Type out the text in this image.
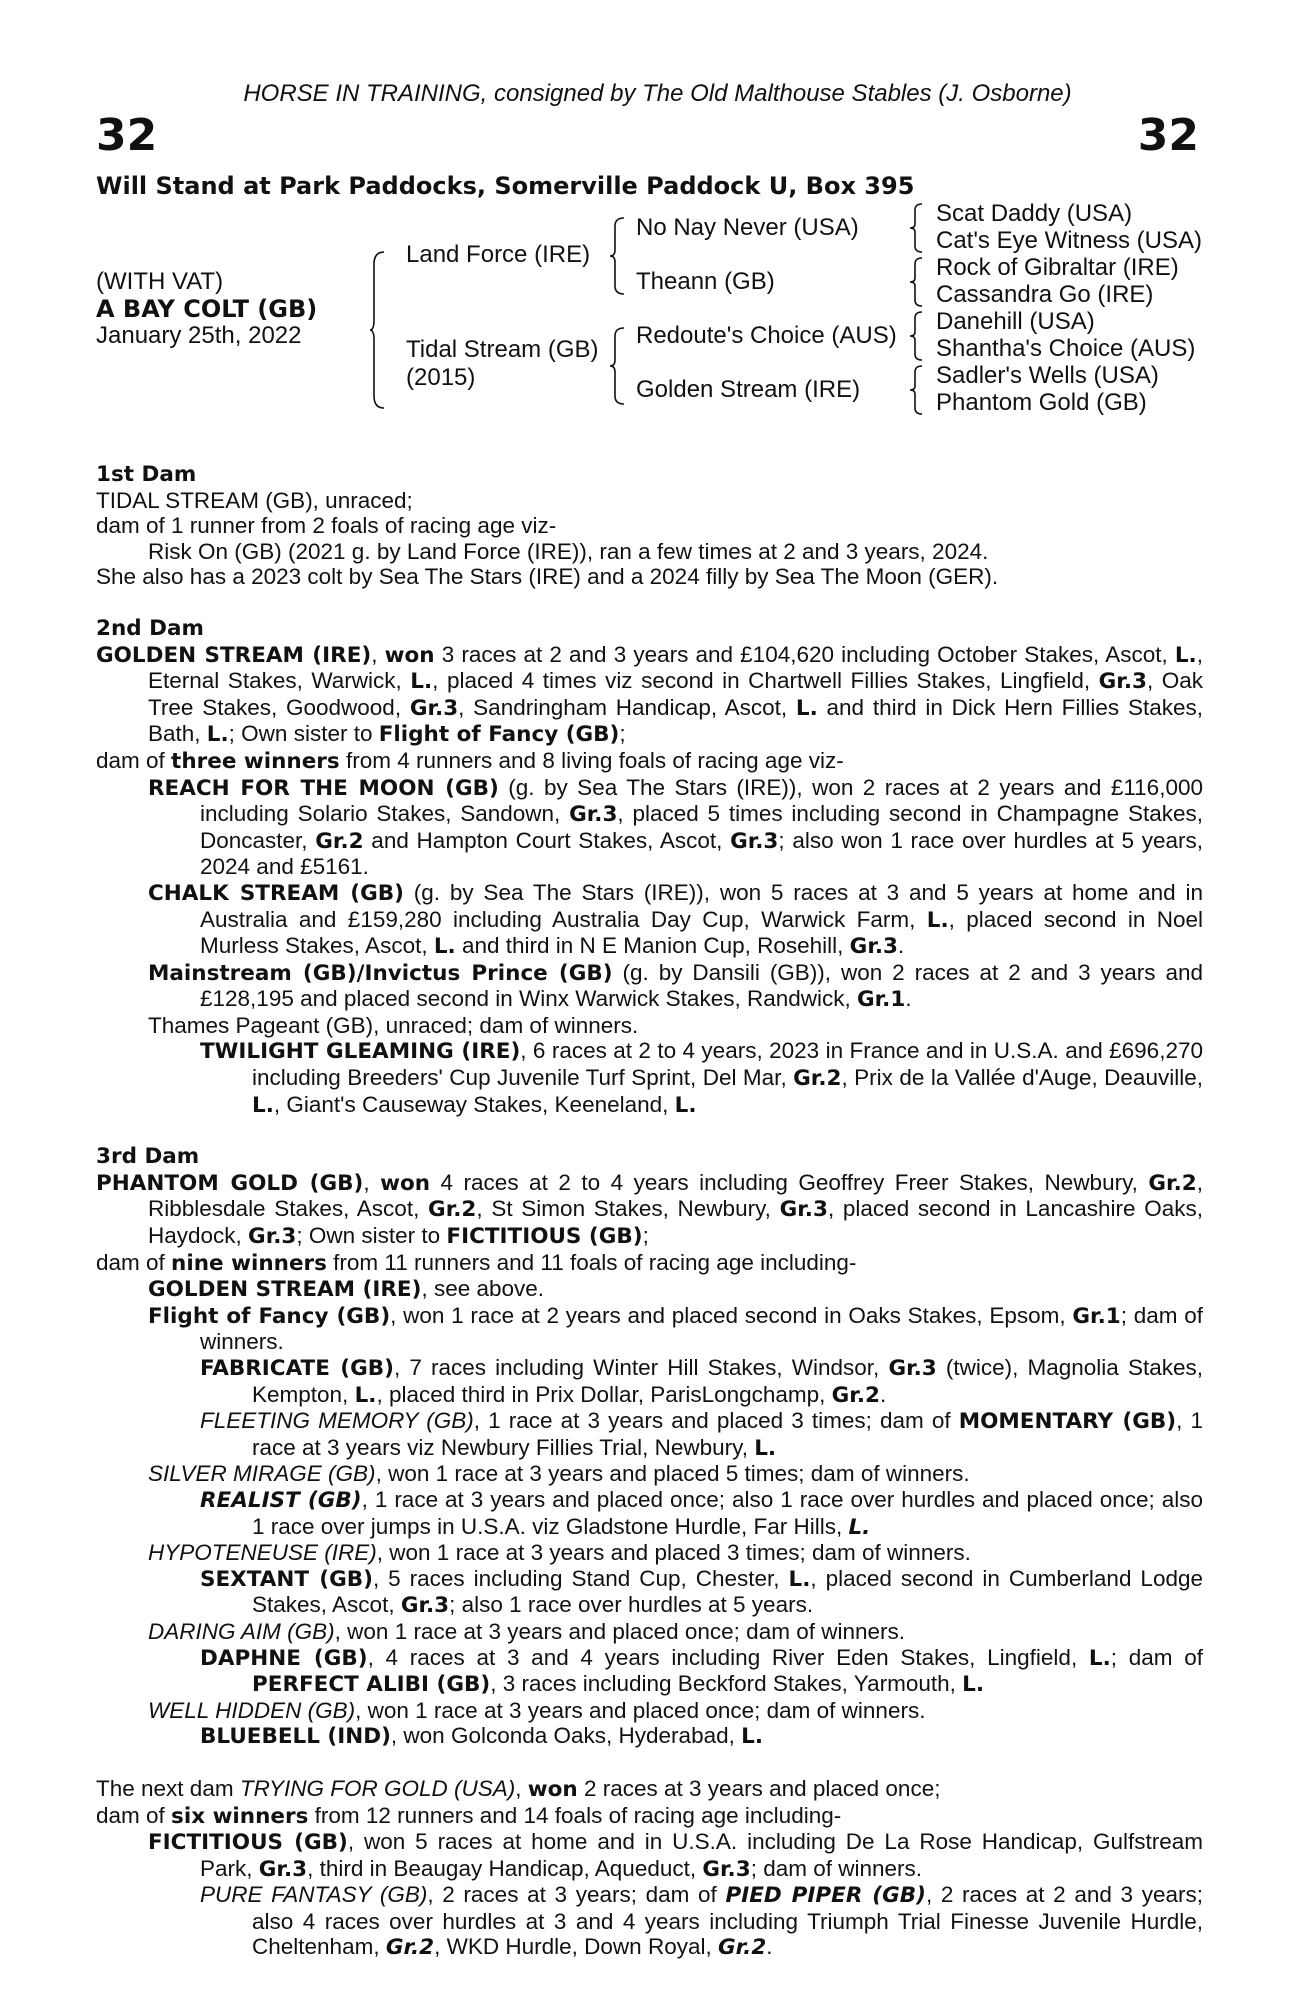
HORSE IN TRAINING, consigned by The Old Malthouse Stables (J. Osborne)
32	32
Will Stand at Park Paddocks, Somerville Paddock U, Box 395
(WITH VAT)
A BAY COLT (GB)
January 25th, 2022
Land Force (IRE)
Tidal Stream (GB)
(2015)
No Nay Never (USA)
Theann (GB)
Redoute's Choice (AUS)
Golden Stream (IRE)
Scat Daddy (USA)
Cat's Eye Witness (USA)
Rock of Gibraltar (IRE)
Cassandra Go (IRE)
Danehill (USA)
Shantha's Choice (AUS)
Sadler's Wells (USA)
Phantom Gold (GB)

1st Dam

TIDAL STREAM (GB), unraced;

dam of 1 runner from 2 foals of racing age viz-

Risk On (GB) (2021 g. by Land Force (IRE)), ran a few times at 2 and 3 years, 2024.

She also has a 2023 colt by Sea The Stars (IRE) and a 2024 filly by Sea The Moon (GER).

2nd Dam

GOLDEN STREAM (IRE), won 3 races at 2 and 3 years and £104,620 including October Stakes, Ascot, L., Eternal Stakes, Warwick, L., placed 4 times viz second in Chartwell Fillies Stakes, Lingfield, Gr.3, Oak Tree Stakes, Goodwood, Gr.3, Sandringham Handicap, Ascot, L. and third in Dick Hern Fillies Stakes, Bath, L.; Own sister to Flight of Fancy (GB);

dam of three winners from 4 runners and 8 living foals of racing age viz-

REACH FOR THE MOON (GB) (g. by Sea The Stars (IRE)), won 2 races at 2 years and £116,000 including Solario Stakes, Sandown, Gr.3, placed 5 times including second in Champagne Stakes, Doncaster, Gr.2 and Hampton Court Stakes, Ascot, Gr.3; also won 1 race over hurdles at 5 years, 2024 and £5161.

CHALK STREAM (GB) (g. by Sea The Stars (IRE)), won 5 races at 3 and 5 years at home and in Australia and £159,280 including Australia Day Cup, Warwick Farm, L., placed second in Noel Murless Stakes, Ascot, L. and third in N E Manion Cup, Rosehill, Gr.3.

Mainstream (GB)/Invictus Prince (GB) (g. by Dansili (GB)), won 2 races at 2 and 3 years and £128,195 and placed second in Winx Warwick Stakes, Randwick, Gr.1.

Thames Pageant (GB), unraced; dam of winners.

TWILIGHT GLEAMING (IRE), 6 races at 2 to 4 years, 2023 in France and in U.S.A. and £696,270 including Breeders' Cup Juvenile Turf Sprint, Del Mar, Gr.2, Prix de la Vallée d'Auge, Deauville, L., Giant's Causeway Stakes, Keeneland, L.

3rd Dam

PHANTOM GOLD (GB), won 4 races at 2 to 4 years including Geoffrey Freer Stakes, Newbury, Gr.2, Ribblesdale Stakes, Ascot, Gr.2, St Simon Stakes, Newbury, Gr.3, placed second in Lancashire Oaks, Haydock, Gr.3; Own sister to FICTITIOUS (GB);

dam of nine winners from 11 runners and 11 foals of racing age including-

GOLDEN STREAM (IRE), see above.

Flight of Fancy (GB), won 1 race at 2 years and placed second in Oaks Stakes, Epsom, Gr.1; dam of winners.

FABRICATE (GB), 7 races including Winter Hill Stakes, Windsor, Gr.3 (twice), Magnolia Stakes, Kempton, L., placed third in Prix Dollar, ParisLongchamp, Gr.2.

FLEETING MEMORY (GB), 1 race at 3 years and placed 3 times; dam of MOMENTARY (GB), 1 race at 3 years viz Newbury Fillies Trial, Newbury, L.

SILVER MIRAGE (GB), won 1 race at 3 years and placed 5 times; dam of winners.

REALIST (GB), 1 race at 3 years and placed once; also 1 race over hurdles and placed once; also 1 race over jumps in U.S.A. viz Gladstone Hurdle, Far Hills, L.

HYPOTENEUSE (IRE), won 1 race at 3 years and placed 3 times; dam of winners.

SEXTANT (GB), 5 races including Stand Cup, Chester, L., placed second in Cumberland Lodge Stakes, Ascot, Gr.3; also 1 race over hurdles at 5 years.

DARING AIM (GB), won 1 race at 3 years and placed once; dam of winners.

DAPHNE (GB), 4 races at 3 and 4 years including River Eden Stakes, Lingfield, L.; dam of PERFECT ALIBI (GB), 3 races including Beckford Stakes, Yarmouth, L.

WELL HIDDEN (GB), won 1 race at 3 years and placed once; dam of winners.

BLUEBELL (IND), won Golconda Oaks, Hyderabad, L.

The next dam TRYING FOR GOLD (USA), won 2 races at 3 years and placed once;

dam of six winners from 12 runners and 14 foals of racing age including-

FICTITIOUS (GB), won 5 races at home and in U.S.A. including De La Rose Handicap, Gulfstream Park, Gr.3, third in Beaugay Handicap, Aqueduct, Gr.3; dam of winners.

PURE FANTASY (GB), 2 races at 3 years; dam of PIED PIPER (GB), 2 races at 2 and 3 years; also 4 races over hurdles at 3 and 4 years including Triumph Trial Finesse Juvenile Hurdle, Cheltenham, Gr.2, WKD Hurdle, Down Royal, Gr.2.
